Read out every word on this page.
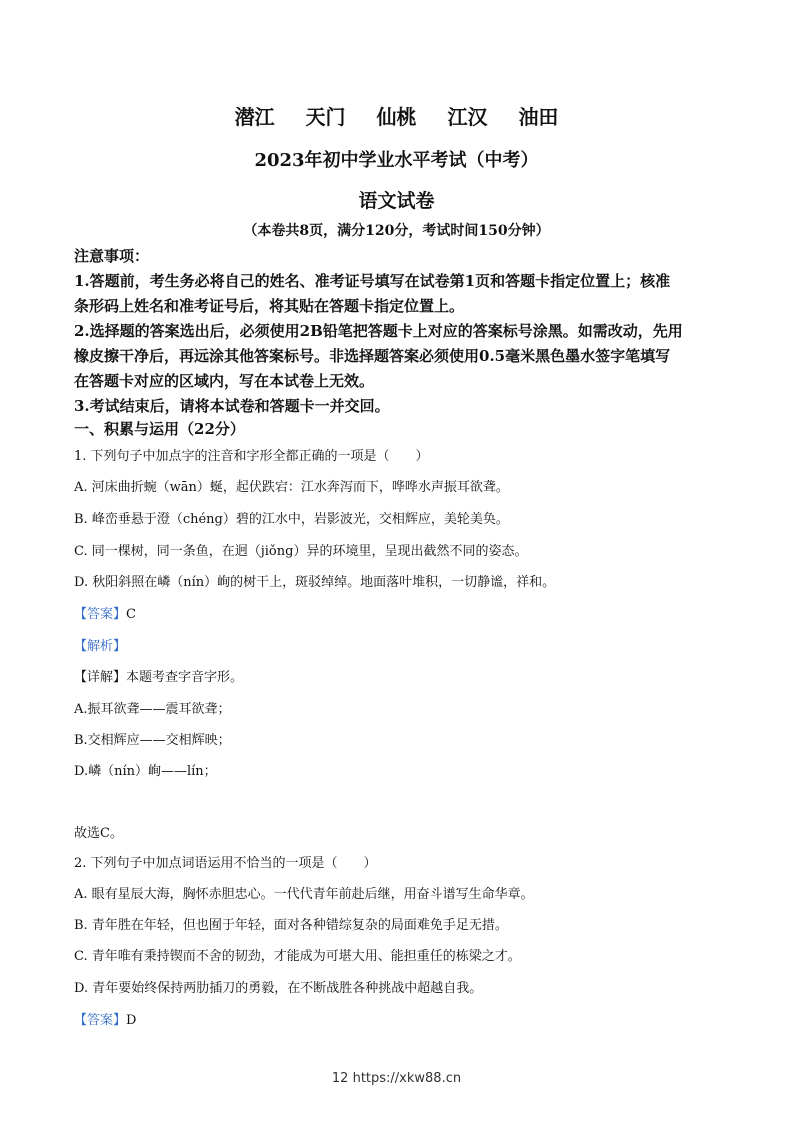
潜江 天门 仙桃 江汉 油田
2023年初中学业水平考试（中考）
语文试卷
（本卷共8页，满分120分，考试时间150分钟）
注意事项：
1.答题前，考生务必将自己的姓名、准考证号填写在试卷第1页和答题卡指定位置上；核准
条形码上姓名和准考证号后，将其贴在答题卡指定位置上。
2.选择题的答案选出后，必须使用2B铅笔把答题卡上对应的答案标号涂黑。如需改动，先用
橡皮擦干净后，再远涂其他答案标号。非选择题答案必须使用0.5毫米黑色墨水签字笔填写
在答题卡对应的区域内，写在本试卷上无效。
3.考试结束后，请将本试卷和答题卡一并交回。
一、积累与运用（22分）
1. 下列句子中加点字的注音和字形全都正确的一项是（　　）
A. 河床曲折蜿（wān）蜒，起伏跌宕：江水奔泻而下，哗哗水声振耳欲聋。
B. 峰峦垂悬于澄（chéng）碧的江水中，岩影波光，交相辉应，美轮美奂。
C. 同一棵树，同一条鱼，在迥（jiǒng）异的环境里，呈现出截然不同的姿态。
D. 秋阳斜照在嶙（nín）峋的树干上，斑驳绰绰。地面落叶堆积，一切静谧，祥和。
【答案】C
【解析】
【详解】本题考查字音字形。
A.振耳欲聋——震耳欲聋；
B.交相辉应——交相辉映；
D.嶙（nín）峋——lín；
故选C。
2. 下列句子中加点词语运用不恰当的一项是（　　）
A. 眼有星辰大海，胸怀赤胆忠心。一代代青年前赴后继，用奋斗谱写生命华章。
B. 青年胜在年轻，但也囿于年轻，面对各种错综复杂的局面难免手足无措。
C. 青年唯有秉持锲而不舍的韧劲，才能成为可堪大用、能担重任的栋梁之才。
D. 青年要始终保持两肋插刀的勇毅，在不断战胜各种挑战中超越自我。
【答案】D
12 https://xkw88.cn
